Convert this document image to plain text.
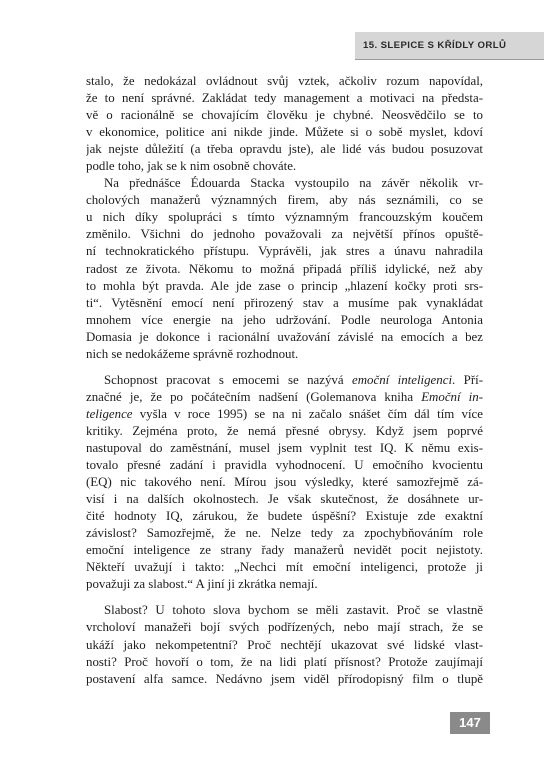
15. SLEPICE S KŘÍDLY ORLŮ
stalo, že nedokázal ovládnout svůj vztek, ačkoliv rozum napovídal,
že to není správné. Zakládat tedy management a motivaci na předsta-
vě o racionálně se chovajícím člověku je chybné. Neosvědčilo se to
v ekonomice, politice ani nikde jinde. Můžete si o sobě myslet, kdoví
jak nejste důležití (a třeba opravdu jste), ale lidé vás budou posuzovat
podle toho, jak se k nim osobně chováte.
Na přednášce Édouarda Stacka vystoupilo na závěr několik vr-
cholových manažerů významných firem, aby nás seznámili, co se
u nich díky spolupráci s tímto významným francouzským koučem
změnilo. Všichni do jednoho považovali za největší přínos opuště-
ní technokratického přístupu. Vyprávěli, jak stres a únavu nahradila
radost ze života. Někomu to možná připadá příliš idylické, než aby
to mohla být pravda. Ale jde zase o princip „hlazení kočky proti srs-
ti“. Vytěsnění emocí není přirozený stav a musíme pak vynakládat
mnohem více energie na jeho udržování. Podle neurologa Antonia
Domasia je dokonce i racionální uvažování závislé na emocích a bez
nich se nedokážeme správně rozhodnout.
Schopnost pracovat s emocemi se nazývá emoční inteligenci. Pří-
značné je, že po počátečním nadšení (Golemanova kniha Emoční in-
teligence vyšla v roce 1995) se na ni začalo snášet čím dál tím více
kritiky. Zejména proto, že nemá přesné obrysy. Když jsem poprvé
nastupoval do zaměstnání, musel jsem vyplnit test IQ. K němu exis-
tovalo přesné zadání i pravidla vyhodnocení. U emočního kvocientu
(EQ) nic takového není. Mírou jsou výsledky, které samozřejmě zá-
visí i na dalších okolnostech. Je však skutečnost, že dosáhnete ur-
čité hodnoty IQ, zárukou, že budete úspěšní? Existuje zde exaktní
závislost? Samozřejmě, že ne. Nelze tedy za zpochybňováním role
emoční inteligence ze strany řady manažerů nevidět pocit nejistoty.
Někteří uvažují i takto: „Nechci mít emoční inteligenci, protože ji
považuji za slabost.“ A jiní ji zkrátka nemají.
Slabost? U tohoto slova bychom se měli zastavit. Proč se vlastně
vrcholoví manažeři bojí svých podřízených, nebo mají strach, že se
ukáží jako nekompetentní? Proč nechtějí ukazovat své lidské vlast-
nosti? Proč hovoří o tom, že na lidi platí přísnost? Protože zaujímají
postavení alfa samce. Nedávno jsem viděl přírodopisný film o tlupě
147
